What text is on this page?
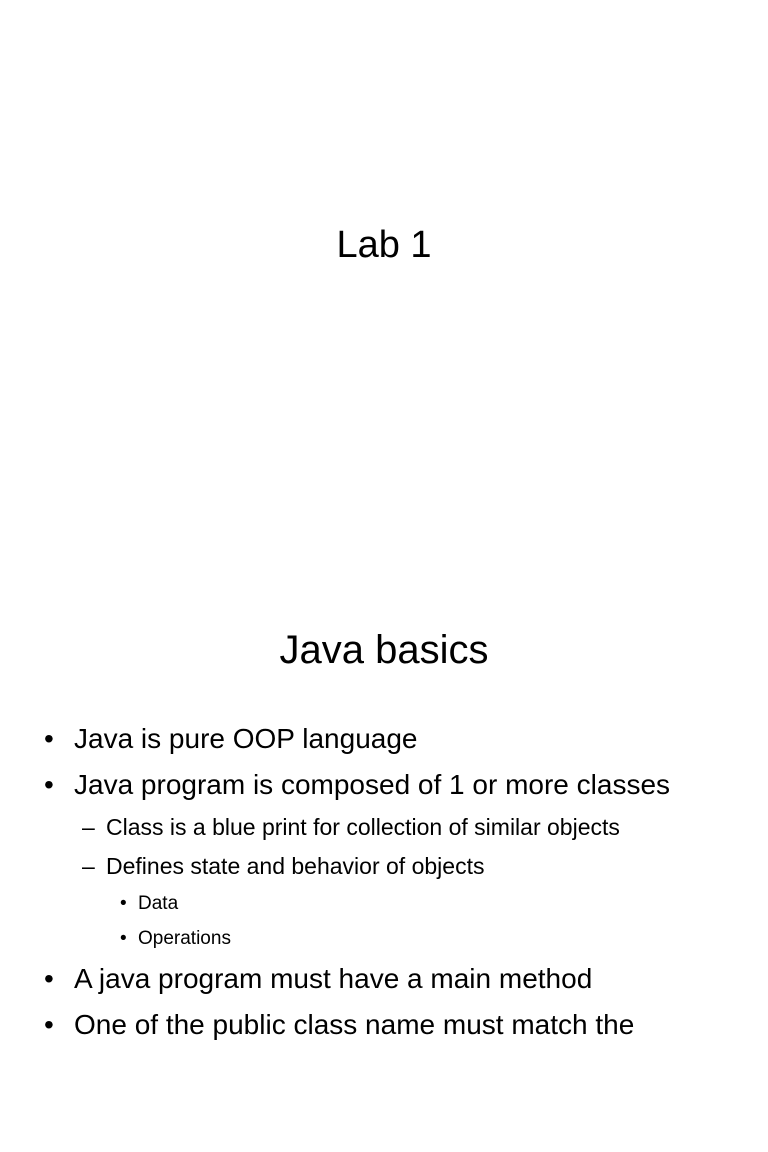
Lab 1
Java basics
• Java is pure OOP language
• Java program is composed of 1 or more classes
– Class is a blue print for collection of similar objects
– Defines state and behavior of objects
• Data
• Operations
• A java program must have a main method
• One of the public class name must match the
